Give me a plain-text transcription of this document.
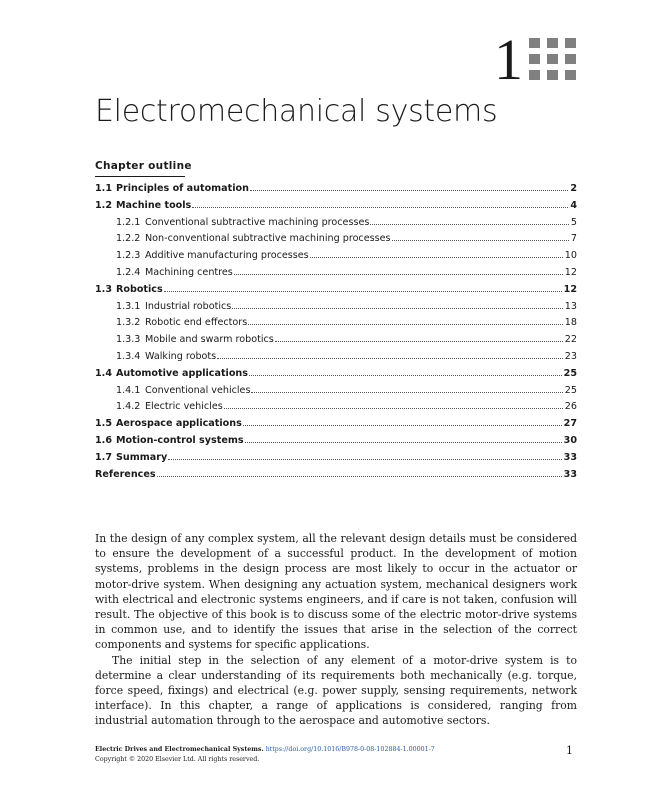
1
Electromechanical systems
Chapter outline
1.1 Principles of automation	2
1.2 Machine tools	4
1.2.1 Conventional subtractive machining processes	5
1.2.2 Non-conventional subtractive machining processes	7
1.2.3 Additive manufacturing processes	10
1.2.4 Machining centres	12
1.3 Robotics	12
1.3.1 Industrial robotics	13
1.3.2 Robotic end effectors	18
1.3.3 Mobile and swarm robotics	22
1.3.4 Walking robots	23
1.4 Automotive applications	25
1.4.1 Conventional vehicles	25
1.4.2 Electric vehicles	26
1.5 Aerospace applications	27
1.6 Motion-control systems	30
1.7 Summary	33
References	33

In the design of any complex system, all the relevant design details must be considered to ensure the development of a successful product. In the development of motion systems, problems in the design process are most likely to occur in the actuator or motor-drive system. When designing any actuation system, mechanical designers work with electrical and electronic systems engineers, and if care is not taken, confusion will result. The objective of this book is to discuss some of the electric motor-drive systems in common use, and to identify the issues that arise in the selection of the correct components and systems for specific applications.

The initial step in the selection of any element of a motor-drive system is to determine a clear understanding of its requirements both mechanically (e.g. torque, force speed, fixings) and electrical (e.g. power supply, sensing requirements, network interface). In this chapter, a range of applications is considered, ranging from industrial automation through to the aerospace and automotive sectors.

Electric Drives and Electromechanical Systems. https://doi.org/10.1016/B978-0-08-102884-1.00001-7
Copyright © 2020 Elsevier Ltd. All rights reserved.
1
